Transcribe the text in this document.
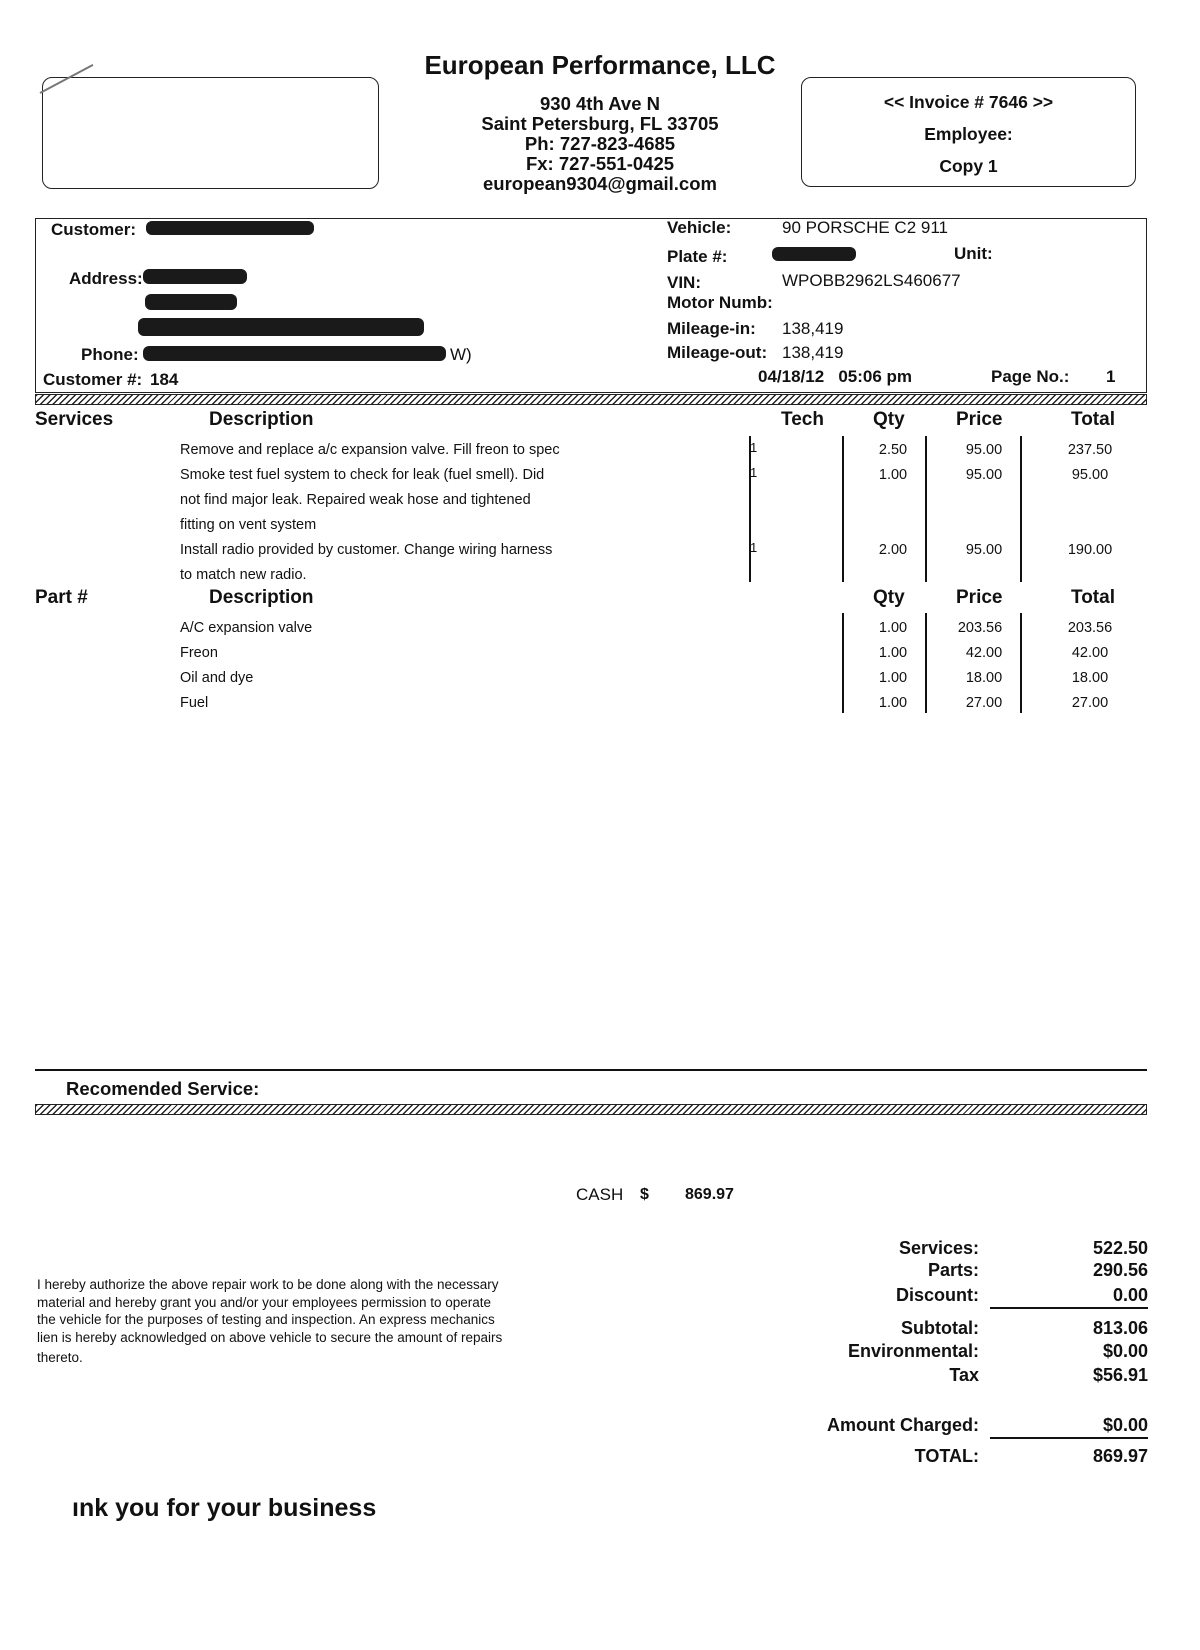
European Performance, LLC
930 4th Ave N
Saint Petersburg, FL 33705
Ph: 727-823-4685
Fx: 727-551-0425
european9304@gmail.com
<< Invoice # 7646 >>
Employee:
Copy 1
Customer:
Address:
Phone:	W)
Customer #: 184
Vehicle:	90 PORSCHE C2 911
Plate #:	Unit:
VIN:	WPOBB2962LS460677
Motor Numb:
Mileage-in: 138,419
Mileage-out: 138,419
04/18/12   05:06 pm	Page No.: 1
Services	Description	Tech	Qty	Price	Total
Remove and replace a/c expansion valve. Fill freon to spec	1	2.50	95.00	237.50
Smoke test fuel system to check for leak (fuel smell). Did
not find major leak. Repaired weak hose and tightened
fitting on vent system
1	1.00	95.00	95.00
Install radio provided by customer. Change wiring harness
to match new radio.
1	2.00	95.00	190.00
Part #	Description	Qty	Price	Total
A/C expansion valve	1.00	203.56	203.56
Freon	1.00	42.00	42.00
Oil and dye	1.00	18.00	18.00
Fuel	1.00	27.00	27.00
Recomended Service:
CASH $ 869.97
I hereby authorize the above repair work to be done along with the necessary
material and hereby grant you and/or your employees permission to operate
the vehicle for the purposes of testing and inspection. An express mechanics
lien is hereby acknowledged on above vehicle to secure the amount of repairs
thereto.
Services:	522.50
Parts:	290.56
Discount:	0.00
Subtotal:	813.06
Environmental:	$0.00
Tax	$56.91
Amount Charged:	$0.00
TOTAL:	869.97
ınk you for your business
